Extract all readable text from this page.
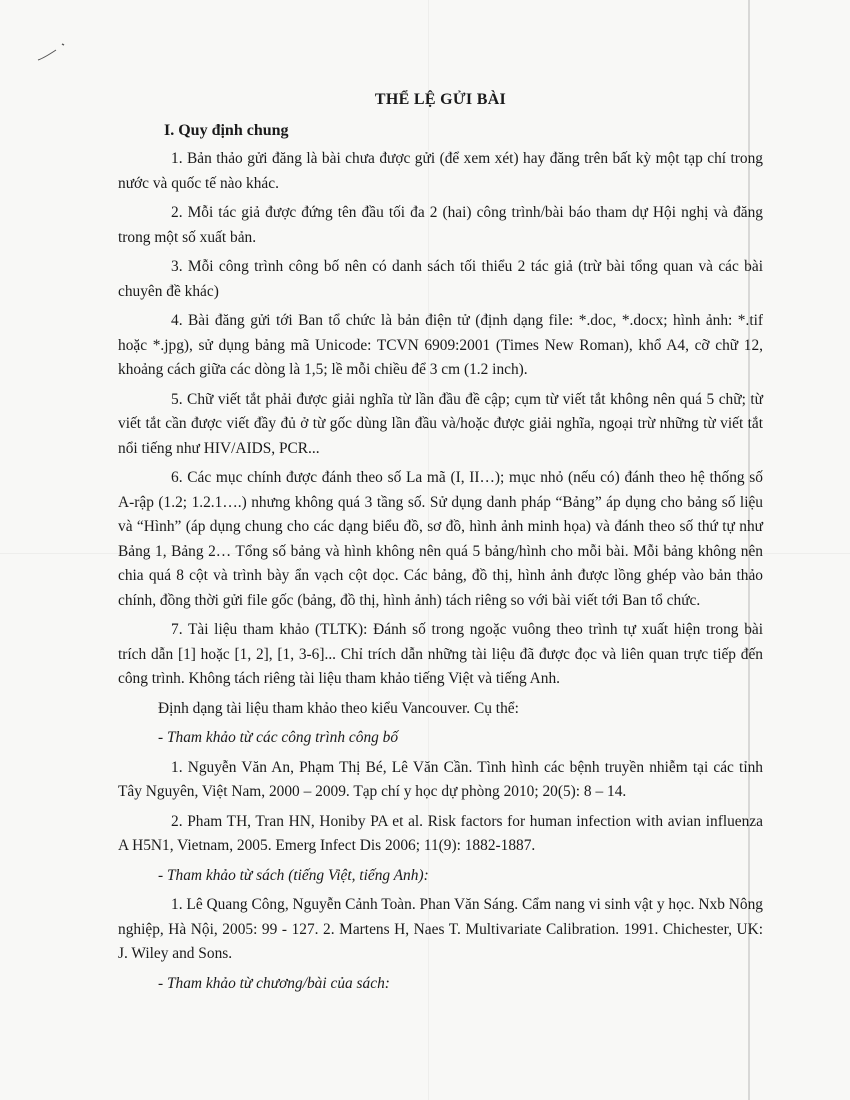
THỂ LỆ GỬI BÀI
I. Quy định chung

1. Bản thảo gửi đăng là bài chưa được gửi (để xem xét) hay đăng trên bất kỳ một tạp chí trong nước và quốc tế nào khác.

2. Mỗi tác giả được đứng tên đầu tối đa 2 (hai) công trình/bài báo tham dự Hội nghị và đăng trong một số xuất bản.

3. Mỗi công trình công bố nên có danh sách tối thiểu 2 tác giả (trừ bài tổng quan và các bài chuyên đề khác)

4. Bài đăng gửi tới Ban tổ chức là bản điện tử (định dạng file: *.doc, *.docx; hình ảnh: *.tif hoặc *.jpg), sử dụng bảng mã Unicode: TCVN 6909:2001 (Times New Roman), khổ A4, cỡ chữ 12, khoảng cách giữa các dòng là 1,5; lề mỗi chiều để 3 cm (1.2 inch).

5. Chữ viết tắt phải được giải nghĩa từ lần đầu đề cập; cụm từ viết tắt không nên quá 5 chữ; từ viết tắt cần được viết đầy đủ ở từ gốc dùng lần đầu và/hoặc được giải nghĩa, ngoại trừ những từ viết tắt nổi tiếng như HIV/AIDS, PCR...

6. Các mục chính được đánh theo số La mã (I, II…); mục nhỏ (nếu có) đánh theo hệ thống số A-rập (1.2; 1.2.1….) nhưng không quá 3 tầng số. Sử dụng danh pháp “Bảng” áp dụng cho bảng số liệu và “Hình” (áp dụng chung cho các dạng biểu đồ, sơ đồ, hình ảnh minh họa) và đánh theo số thứ tự như Bảng 1, Bảng 2… Tổng số bảng và hình không nên quá 5 bảng/hình cho mỗi bài. Mỗi bảng không nên chia quá 8 cột và trình bày ẩn vạch cột dọc. Các bảng, đồ thị, hình ảnh được lồng ghép vào bản thảo chính, đồng thời gửi file gốc (bảng, đồ thị, hình ảnh) tách riêng so với bài viết tới Ban tổ chức.

7. Tài liệu tham khảo (TLTK): Đánh số trong ngoặc vuông theo trình tự xuất hiện trong bài trích dẫn [1] hoặc [1, 2], [1, 3-6]... Chỉ trích dẫn những tài liệu đã được đọc và liên quan trực tiếp đến công trình. Không tách riêng tài liệu tham khảo tiếng Việt và tiếng Anh.

Định dạng tài liệu tham khảo theo kiểu Vancouver. Cụ thể:

- Tham khảo từ các công trình công bố

1. Nguyễn Văn An, Phạm Thị Bé, Lê Văn Cần. Tình hình các bệnh truyền nhiễm tại các tỉnh Tây Nguyên, Việt Nam, 2000 – 2009. Tạp chí y học dự phòng 2010; 20(5): 8 – 14.

2. Pham TH, Tran HN, Honiby PA et al. Risk factors for human infection with avian influenza A H5N1, Vietnam, 2005. Emerg Infect Dis 2006; 11(9): 1882-1887.

- Tham khảo từ sách (tiếng Việt, tiếng Anh):

1. Lê Quang Công, Nguyễn Cảnh Toàn. Phan Văn Sáng. Cẩm nang vi sinh vật y học. Nxb Nông nghiệp, Hà Nội, 2005: 99 - 127. 2. Martens H, Naes T. Multivariate Calibration. 1991. Chichester, UK: J. Wiley and Sons.

- Tham khảo từ chương/bài của sách:
